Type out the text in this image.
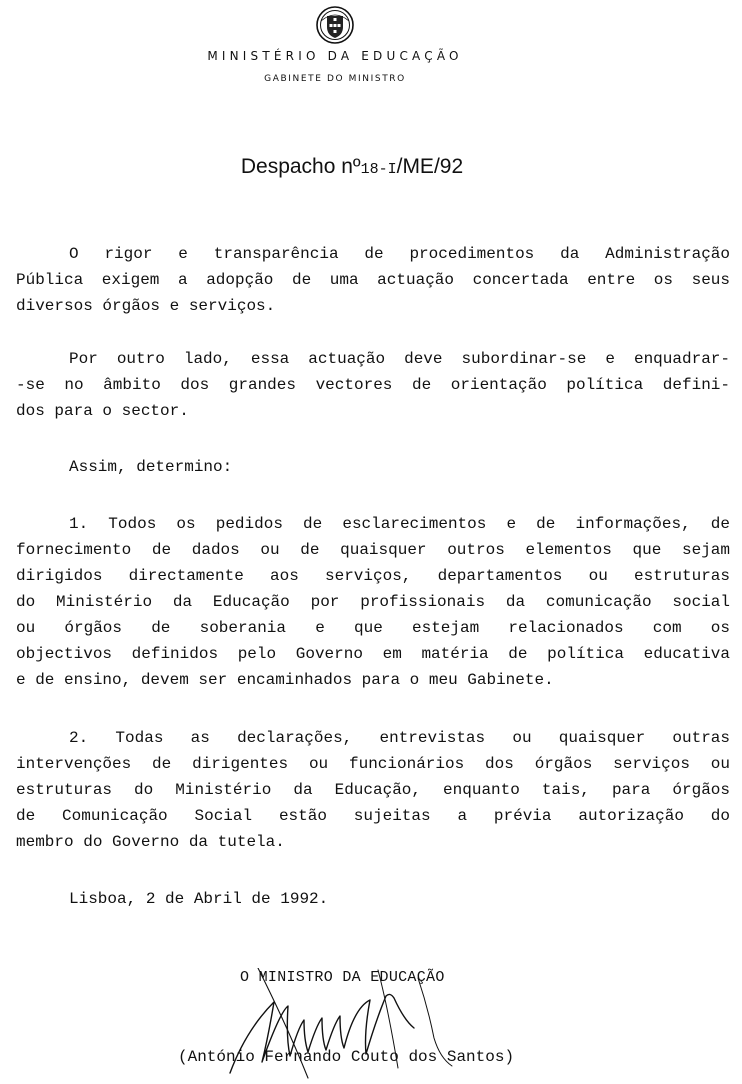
MINISTÉRIO DA EDUCAÇÃO
GABINETE DO MINISTRO
Despacho nº18-I/ME/92
O rigor e transparência de procedimentos da Administração
Pública exigem a adopção de uma actuação concertada entre os seus
diversos órgãos e serviços.
Por outro lado, essa actuação deve subordinar-se e enquadrar-
-se no âmbito dos grandes vectores de orientação política defini-
dos para o sector.
Assim, determino:
1. Todos os pedidos de esclarecimentos e de informações, de
fornecimento de dados ou de quaisquer outros elementos que sejam
dirigidos directamente aos serviços, departamentos ou estruturas
do Ministério da Educação por profissionais da comunicação social
ou órgãos de soberania e que estejam relacionados com os
objectivos definidos pelo Governo em matéria de política educativa
e de ensino, devem ser encaminhados para o meu Gabinete.
2. Todas as declarações, entrevistas ou quaisquer outras
intervenções de dirigentes ou funcionários dos órgãos serviços ou
estruturas do Ministério da Educação, enquanto tais, para órgãos
de Comunicação Social estão sujeitas a prévia autorização do
membro do Governo da tutela.
Lisboa, 2 de Abril de 1992.
O MINISTRO DA EDUCAÇÃO
(António Fernando Couto dos Santos)
